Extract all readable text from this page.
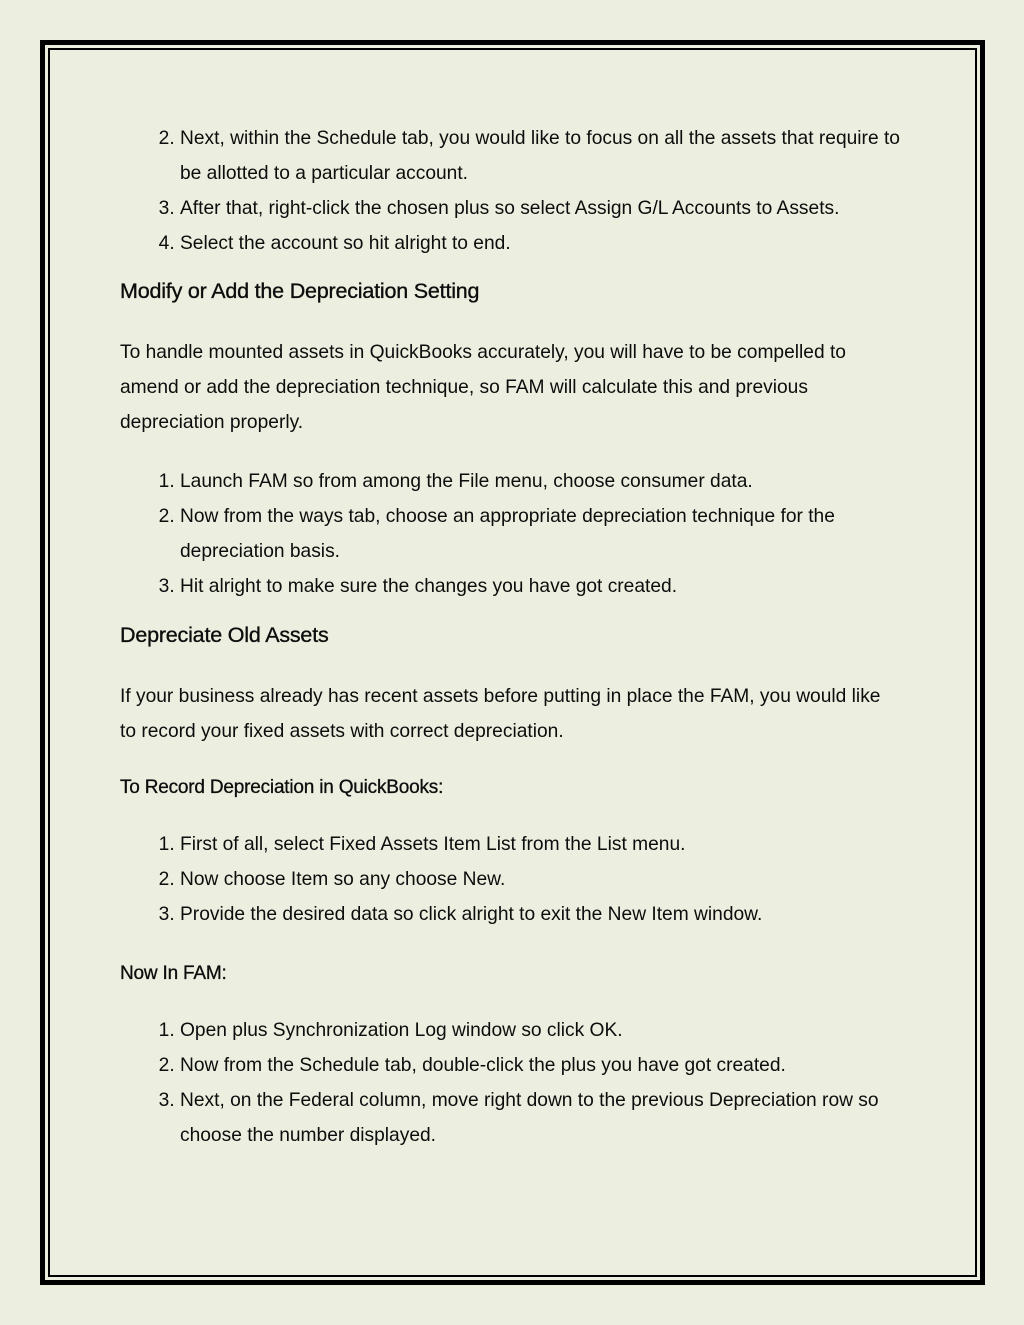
2. Next, within the Schedule tab, you would like to focus on all the assets that require to be allotted to a particular account.
3. After that, right-click the chosen plus so select Assign G/L Accounts to Assets.
4. Select the account so hit alright to end.
Modify or Add the Depreciation Setting

To handle mounted assets in QuickBooks accurately, you will have to be compelled to amend or add the depreciation technique, so FAM will calculate this and previous depreciation properly.

1. Launch FAM so from among the File menu, choose consumer data.
2. Now from the ways tab, choose an appropriate depreciation technique for the depreciation basis.
3. Hit alright to make sure the changes you have got created.
Depreciate Old Assets

If your business already has recent assets before putting in place the FAM, you would like to record your fixed assets with correct depreciation.

To Record Depreciation in QuickBooks:
1. First of all, select Fixed Assets Item List from the List menu.
2. Now choose Item so any choose New.
3. Provide the desired data so click alright to exit the New Item window.
Now In FAM:
1. Open plus Synchronization Log window so click OK.
2. Now from the Schedule tab, double-click the plus you have got created.
3. Next, on the Federal column, move right down to the previous Depreciation row so choose the number displayed.
